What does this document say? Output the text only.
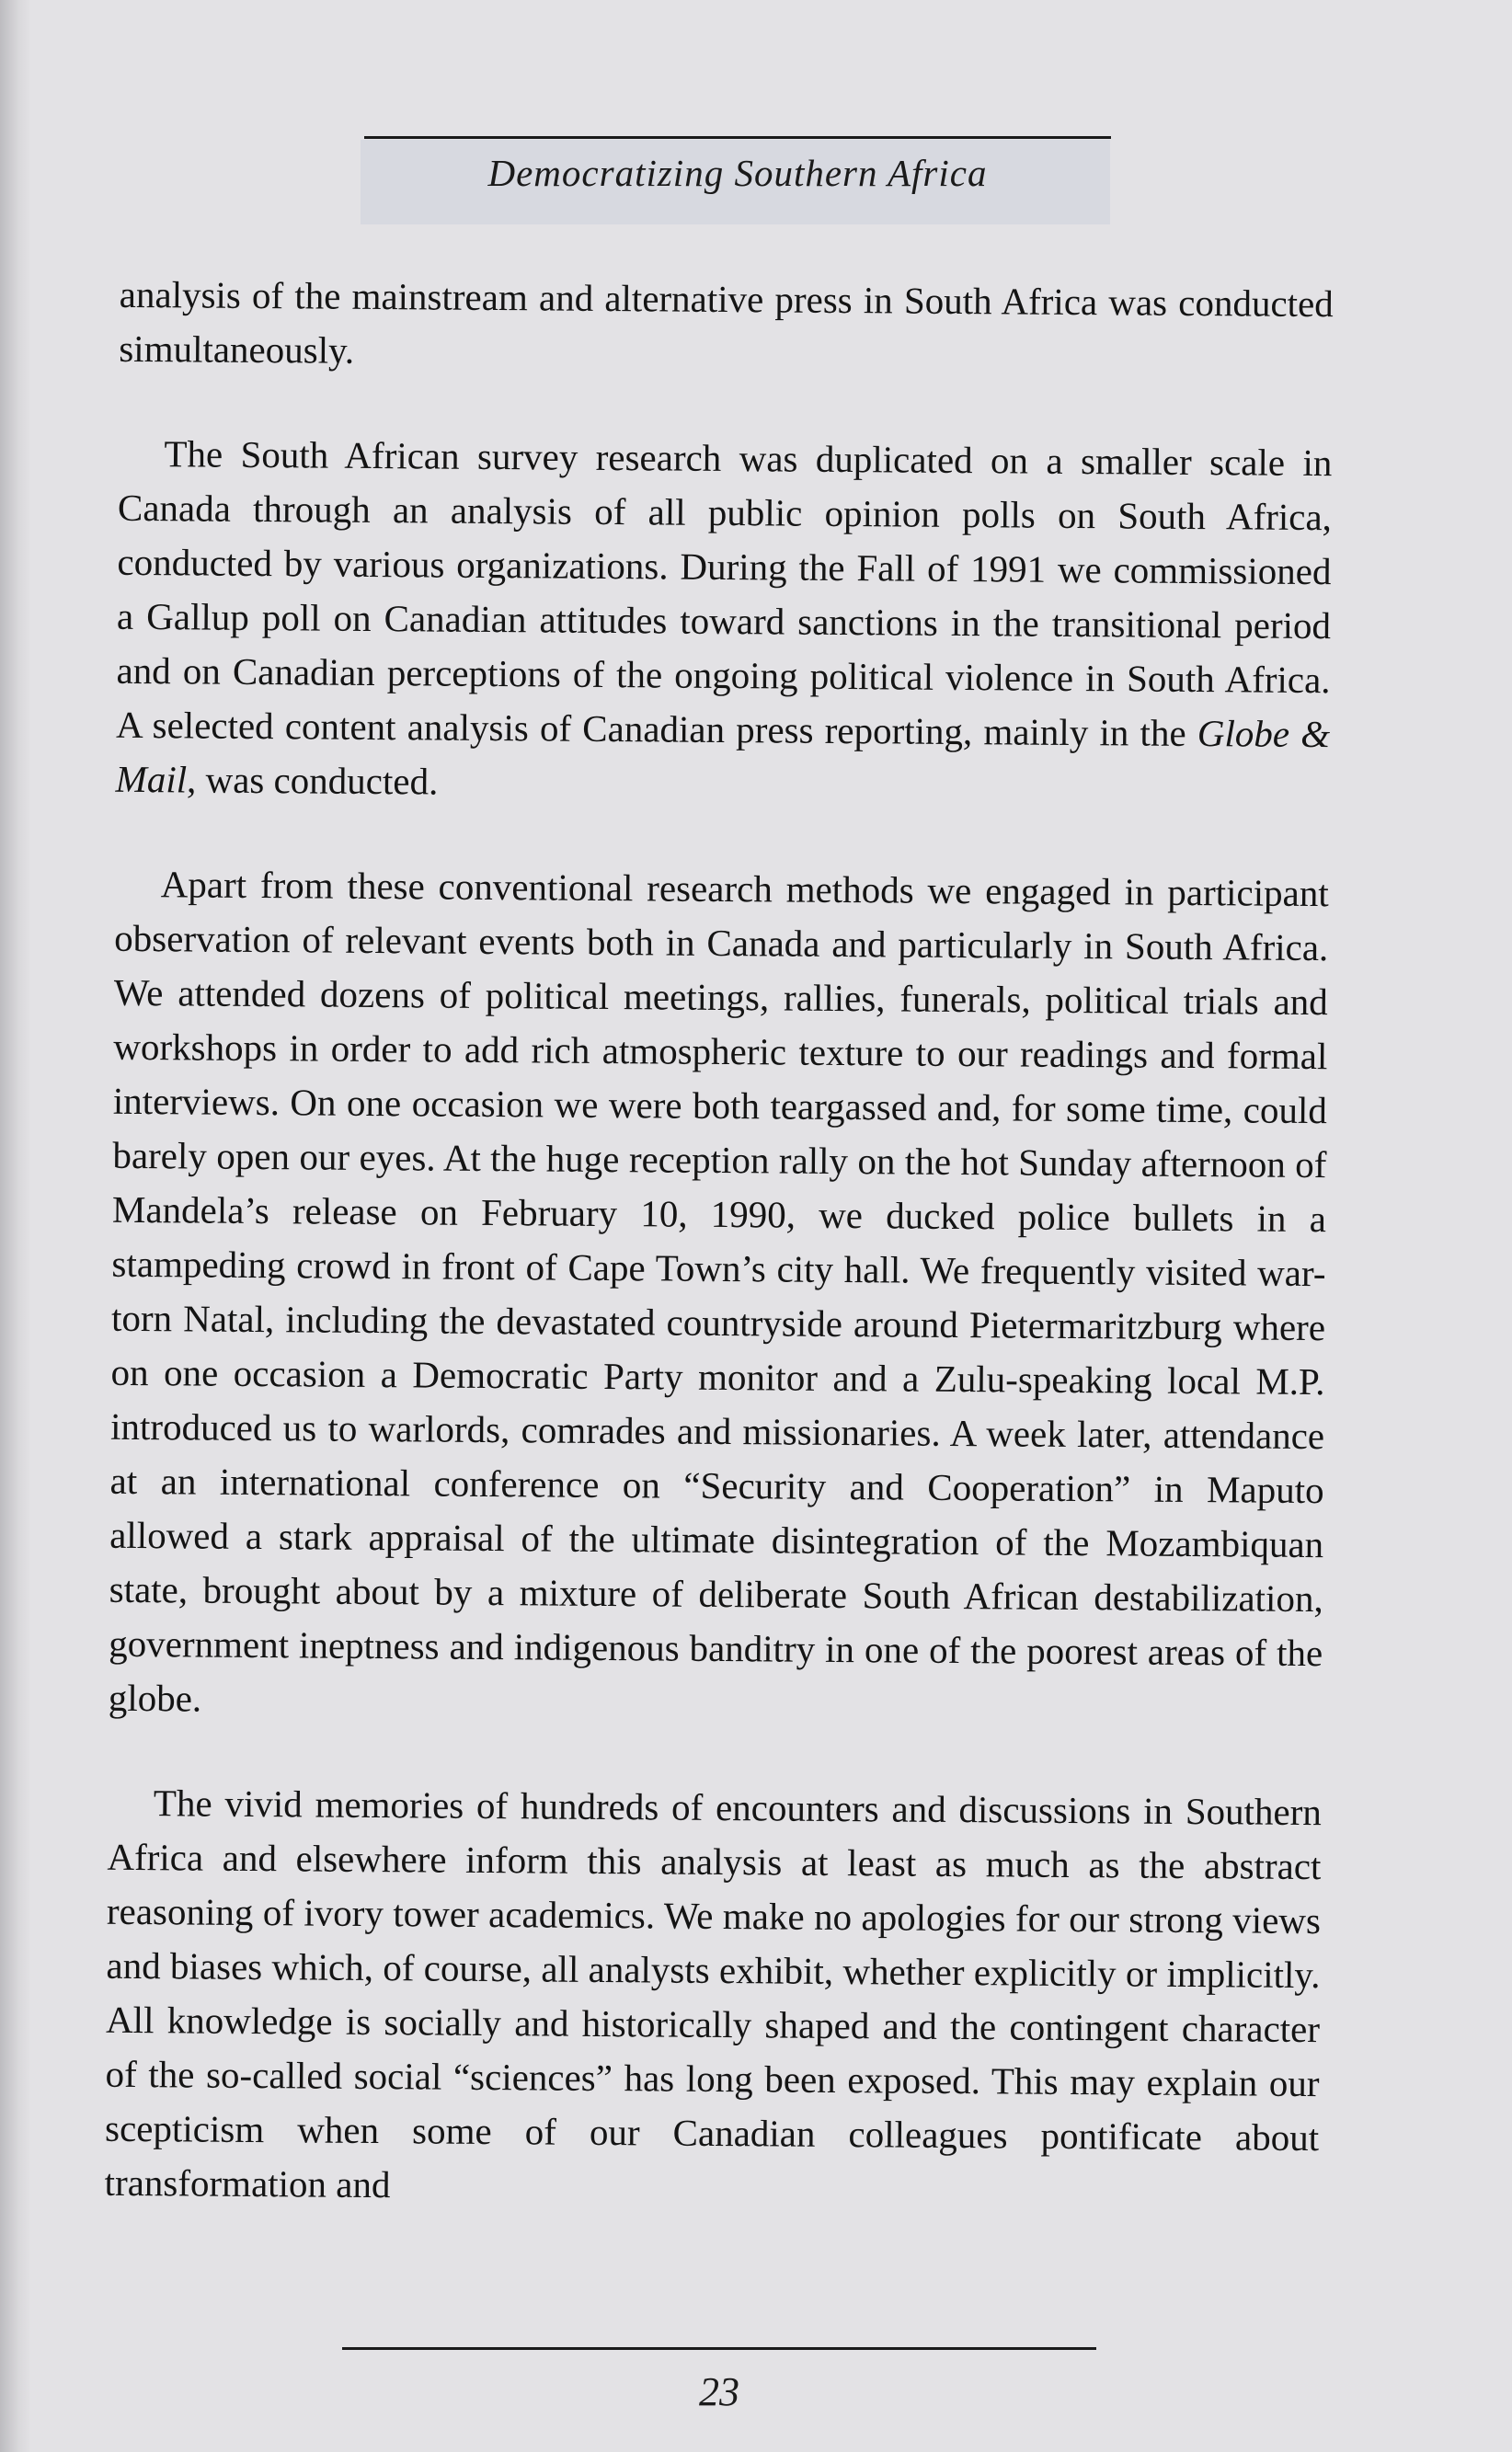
Democratizing Southern Africa

analysis of the mainstream and alternative press in South Africa was conducted simultaneously.

The South African survey research was duplicated on a smaller scale in Canada through an analysis of all public opinion polls on South Africa, conducted by various organizations. During the Fall of 1991 we commissioned a Gallup poll on Canadian attitudes toward sanctions in the transitional period and on Canadian perceptions of the ongoing political violence in South Africa. A selected content analysis of Canadian press reporting, mainly in the Globe & Mail, was conducted.

Apart from these conventional research methods we engaged in participant observation of relevant events both in Canada and particularly in South Africa. We attended dozens of political meetings, rallies, funerals, political trials and workshops in order to add rich atmospheric texture to our readings and formal interviews. On one occasion we were both teargassed and, for some time, could barely open our eyes. At the huge reception rally on the hot Sunday afternoon of Mandela’s release on February 10, 1990, we ducked police bullets in a stampeding crowd in front of Cape Town’s city hall. We frequently visited war-torn Natal, including the devastated countryside around Pietermaritzburg where on one occasion a Democratic Party monitor and a Zulu-speaking local M.P. introduced us to warlords, comrades and missionaries. A week later, attendance at an international conference on “Security and Cooperation” in Maputo allowed a stark appraisal of the ultimate disintegration of the Mozambiquan state, brought about by a mixture of deliberate South African destabilization, government ineptness and indigenous banditry in one of the poorest areas of the globe.

The vivid memories of hundreds of encounters and discussions in Southern Africa and elsewhere inform this analysis at least as much as the abstract reasoning of ivory tower academics. We make no apologies for our strong views and biases which, of course, all analysts exhibit, whether explicitly or implicitly. All knowledge is socially and historically shaped and the contingent character of the so-called social “sciences” has long been exposed. This may explain our scepticism when some of our Canadian colleagues pontificate about transformation and

23
